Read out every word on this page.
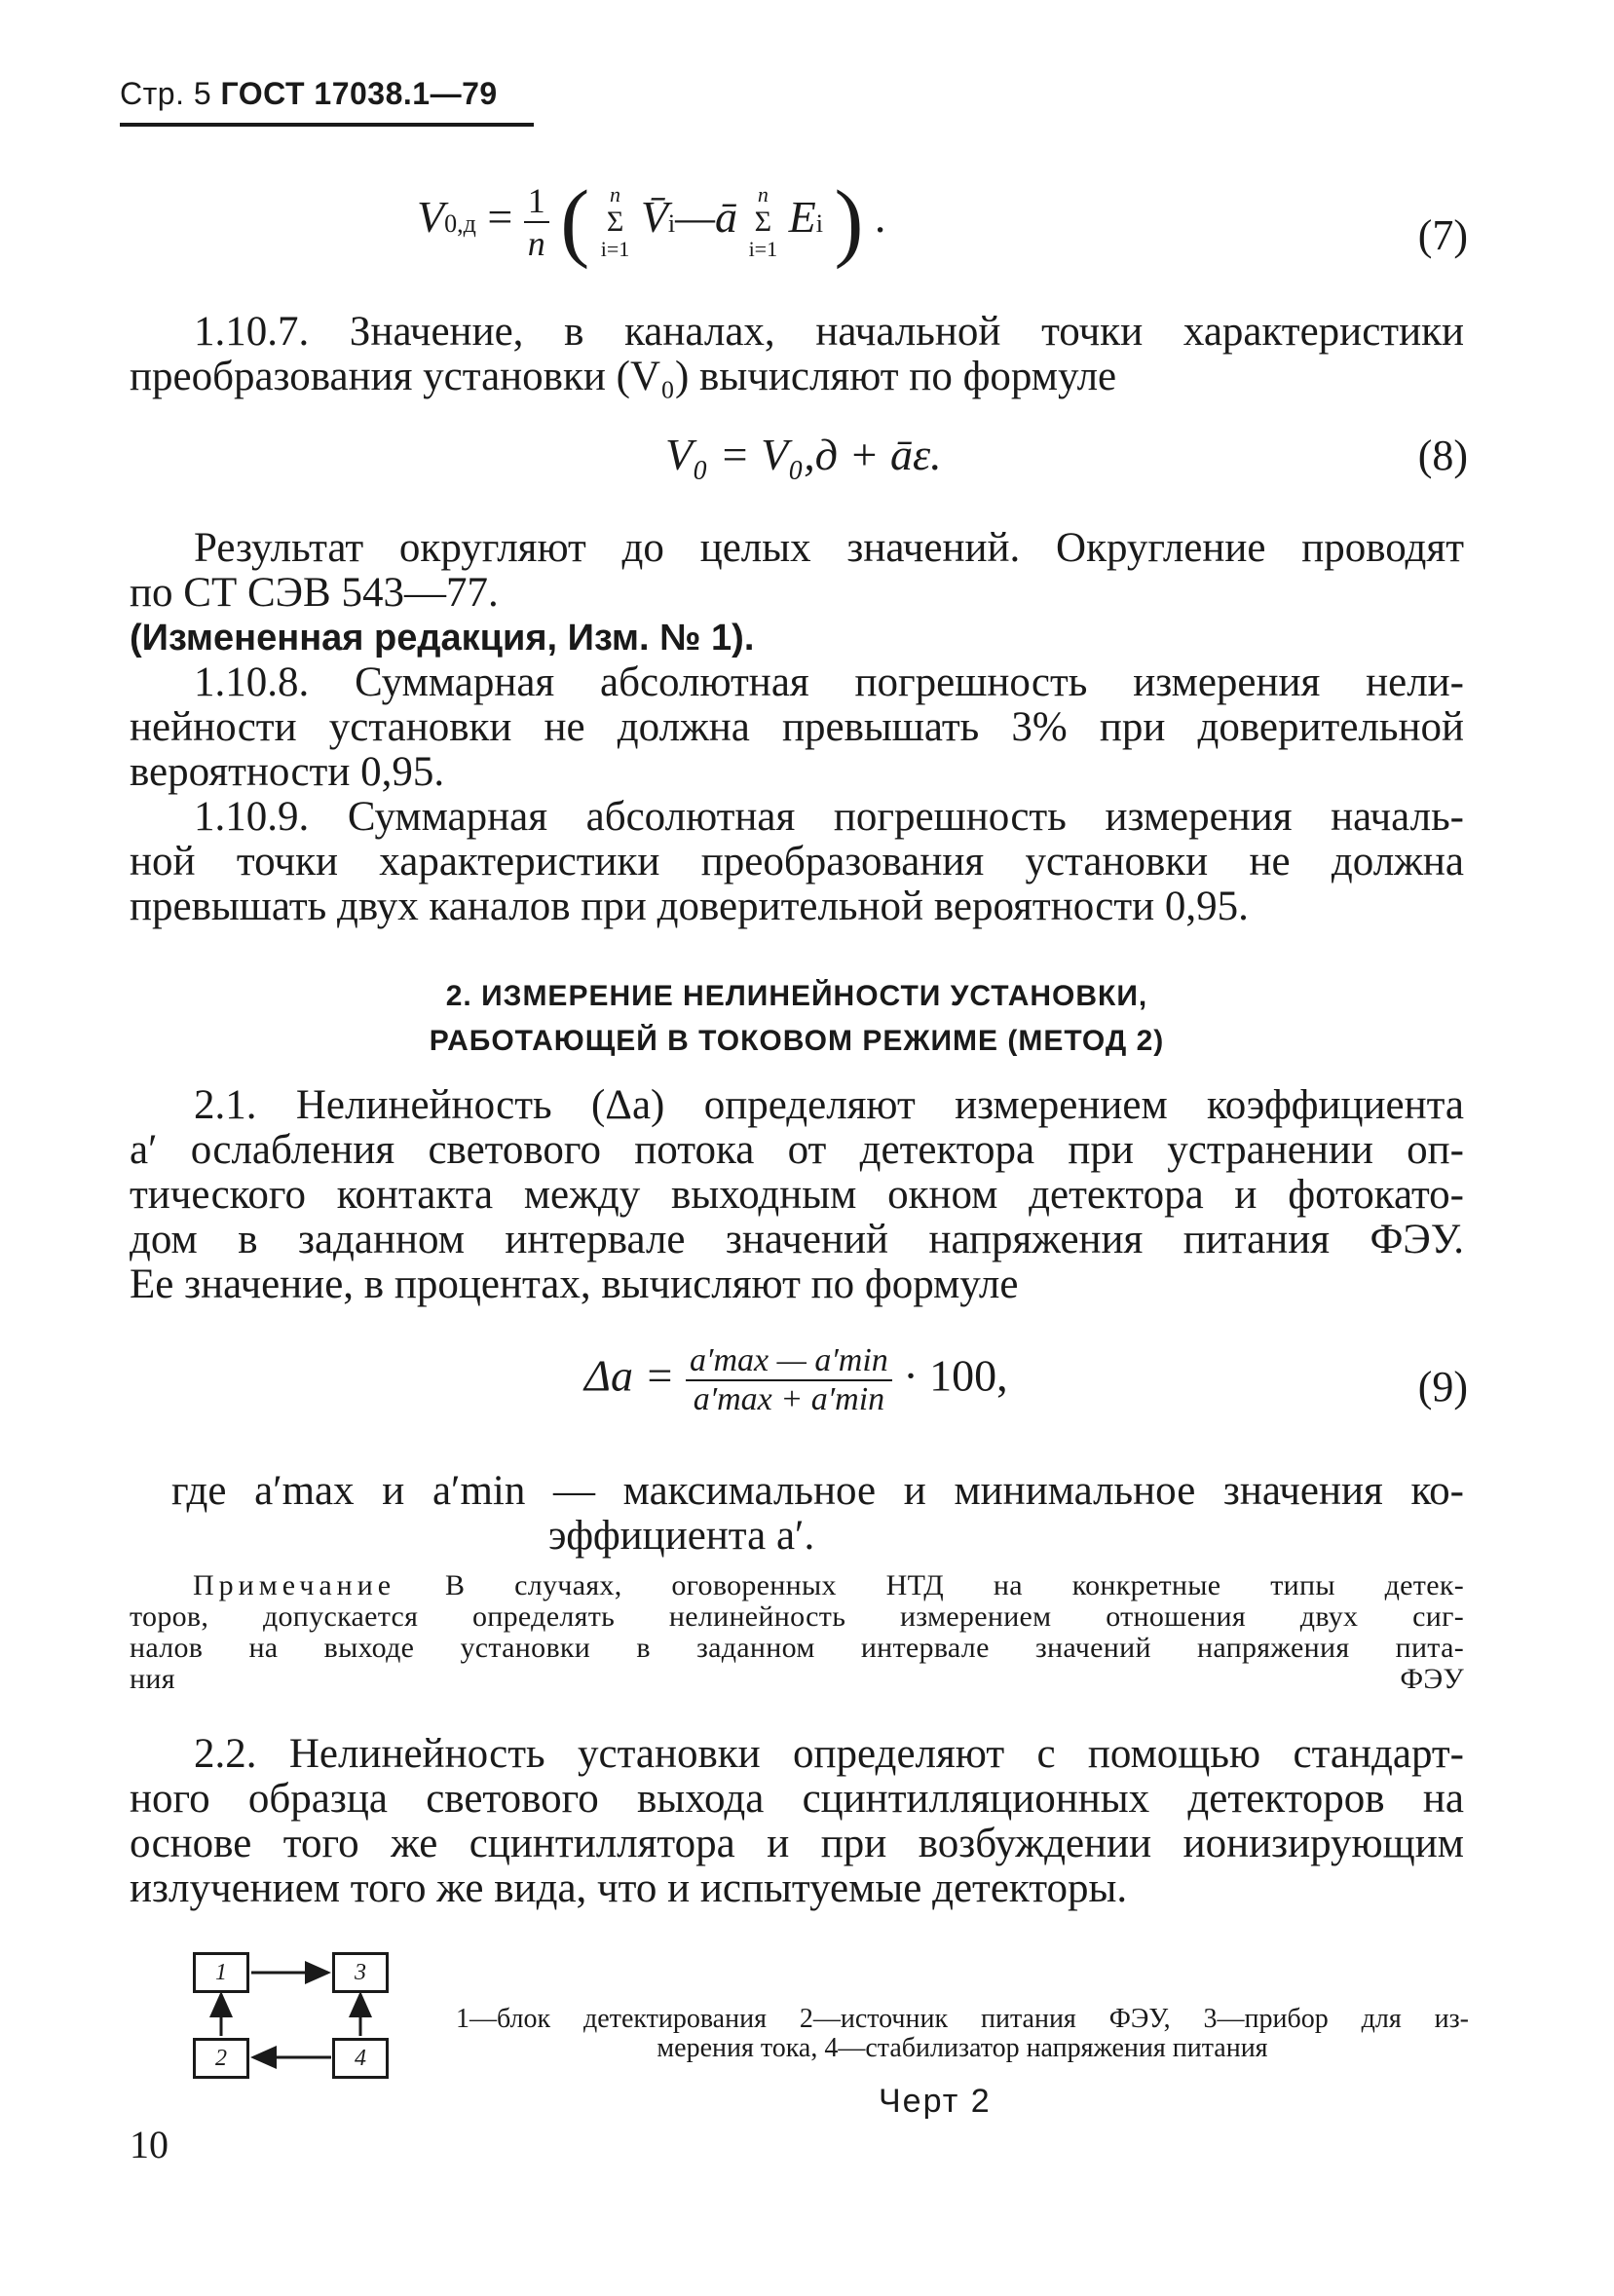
Стр. 5 ГОСТ 17038.1—79
$V0,д = \frac{1}{n}$ ( n
Σ
i=1
V̄i—ā n
Σ
i=1
Ei ) .	(7)
1.10.7. Значение, в каналах, начальной точки характеристики
преобразования установки (V₀) вычисляют по формуле
V₀ = V₀,д + āε.	(8)
Результат округляют до целых значений. Округление проводят
по СТ СЭВ 543—77.
(Измененная редакция, Изм. № 1).
1.10.8. Суммарная абсолютная погрешность измерения нели-
нейности установки не должна превышать 3% при доверительной
вероятности 0,95.
1.10.9. Суммарная абсолютная погрешность измерения началь-
ной точки характеристики преобразования установки не должна
превышать двух каналов при доверительной вероятности 0,95.
2. ИЗМЕРЕНИЕ НЕЛИНЕЙНОСТИ УСТАНОВКИ,
РАБОТАЮЩЕЙ В ТОКОВОМ РЕЖИМЕ (МЕТОД 2)
2.1. Нелинейность (Δa) определяют измерением коэффициента
a′ ослабления светового потока от детектора при устранении оп-
тического контакта между выходным окном детектора и фотокато-
дом в заданном интервале значений напряжения питания ФЭУ.
Ее значение, в процентах, вычисляют по формуле
$\Delta a = \frac{a'\max — a'\min}{a'\max + a'\min} \cdot 100$,	(9)
где a′max и a′min — максимальное и минимальное значения ко-
эффициента a′.
Примечание В случаях, оговоренных НТД на конкретные типы детек-
торов, допускается определять нелинейность измерением отношения двух сиг-
налов на выходе установки в заданном интервале значений напряжения пита-
ния ФЭУ
2.2. Нелинейность установки определяют с помощью стандарт-
ного образца светового выхода сцинтилляционных детекторов на
основе того же сцинтиллятора и при возбуждении ионизирующим
излучением того же вида, что и испытуемые детекторы.
1	3
2	4
1—блок детектирования 2—источник питания ФЭУ, 3—прибор для из-
мерения тока, 4—стабилизатор напряжения питания
Черт 2
10
